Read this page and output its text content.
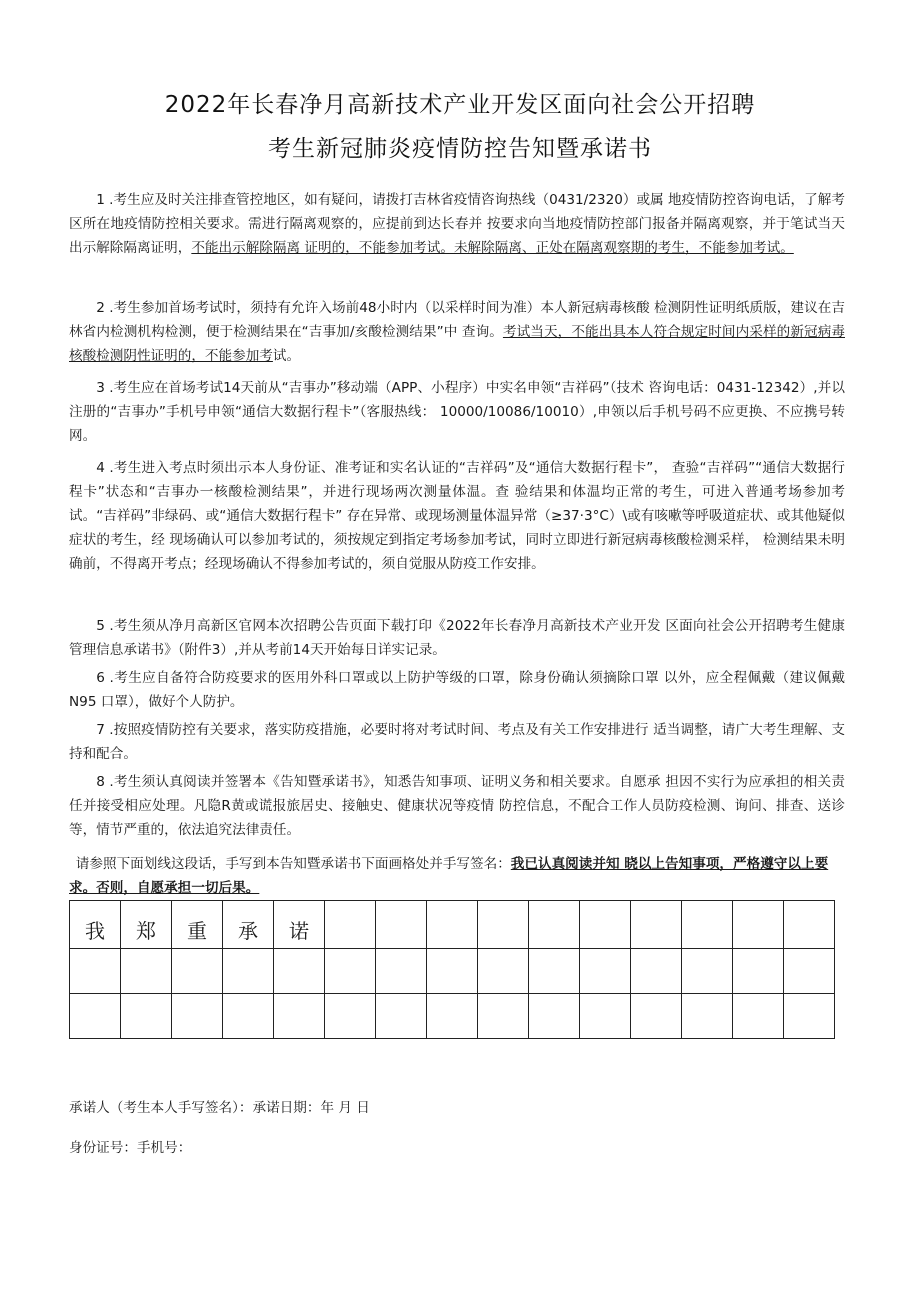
2022年长春净月高新技术产业开发区面向社会公开招聘
考生新冠肺炎疫情防控告知暨承诺书

1 .考生应及时关注排查管控地区，如有疑问，请拨打吉林省疫情咨询热线（0431/2320）或属 地疫情防控咨询电话，了解考区所在地疫情防控相关要求。需进行隔离观察的，应提前到达长春并 按要求向当地疫情防控部门报备并隔离观察，并于笔试当天出示解除隔离证明，不能出示解除隔离 证明的，不能参加考试。未解除隔离、正处在隔离观察期的考生，不能参加考试。

2 .考生参加首场考试时，须持有允许入场前48小时内（以采样时间为准）本人新冠病毒核酸 检测阴性证明纸质版，建议在吉林省内检测机构检测，便于检测结果在“吉事加/亥酸检测结果”中 查询。考试当天，不能出具本人符合规定时间内采样的新冠病毒核酸检测阴性证明的，不能参加考试。

3 .考生应在首场考试14天前从“吉事办”移动端（APP、小程序）中实名申领“吉祥码”（技术 咨询电话：0431-12342）,并以注册的“吉事办”手机号申领“通信大数据行程卡”（客服热线： 10000/10086/10010）,申领以后手机号码不应更换、不应携号转网。

4 .考生进入考点时须出示本人身份证、准考证和实名认证的“吉祥码”及“通信大数据行程卡”， 查验“吉祥码”“通信大数据行程卡”状态和“吉事办一核酸检测结果”，并进行现场两次测量体温。查 验结果和体温均正常的考生，可进入普通考场参加考试。“吉祥码”非绿码、或“通信大数据行程卡” 存在异常、或现场测量体温异常（≥37·3°C）\或有咳嗽等呼吸道症状、或其他疑似症状的考生，经 现场确认可以参加考试的，须按规定到指定考场参加考试，同时立即进行新冠病毒核酸检测采样， 检测结果未明确前，不得离开考点；经现场确认不得参加考试的，须自觉服从防疫工作安排。

5 .考生须从净月高新区官网本次招聘公告页面下载打印《2022年长春净月高新技术产业开发 区面向社会公开招聘考生健康管理信息承诺书》（附件3）,并从考前14天开始每日详实记录。

6 .考生应自备符合防疫要求的医用外科口罩或以上防护等级的口罩，除身份确认须摘除口罩 以外，应全程佩戴（建议佩戴N95 口罩），做好个人防护。

7 .按照疫情防控有关要求，落实防疫措施，必要时将对考试时间、考点及有关工作安排进行 适当调整，请广大考生理解、支持和配合。

8 .考生须认真阅读并签署本《告知暨承诺书》，知悉告知事项、证明义务和相关要求。自愿承 担因不实行为应承担的相关责任并接受相应处理。凡隐R黄或谎报旅居史、接触史、健康状况等疫情 防控信息，不配合工作人员防疫检测、询问、排查、送诊等，情节严重的，依法追究法律责任。

请参照下面划线这段话，手写到本告知暨承诺书下面画格处并手写签名：我已认真阅读并知 晓以上告知事项，严格遵守以上要求。否则，自愿承担一切后果。

我	郑	重	承	诺										

承诺人（考生本人手写签名）：承诺日期：年 月 日

身份证号：手机号：
